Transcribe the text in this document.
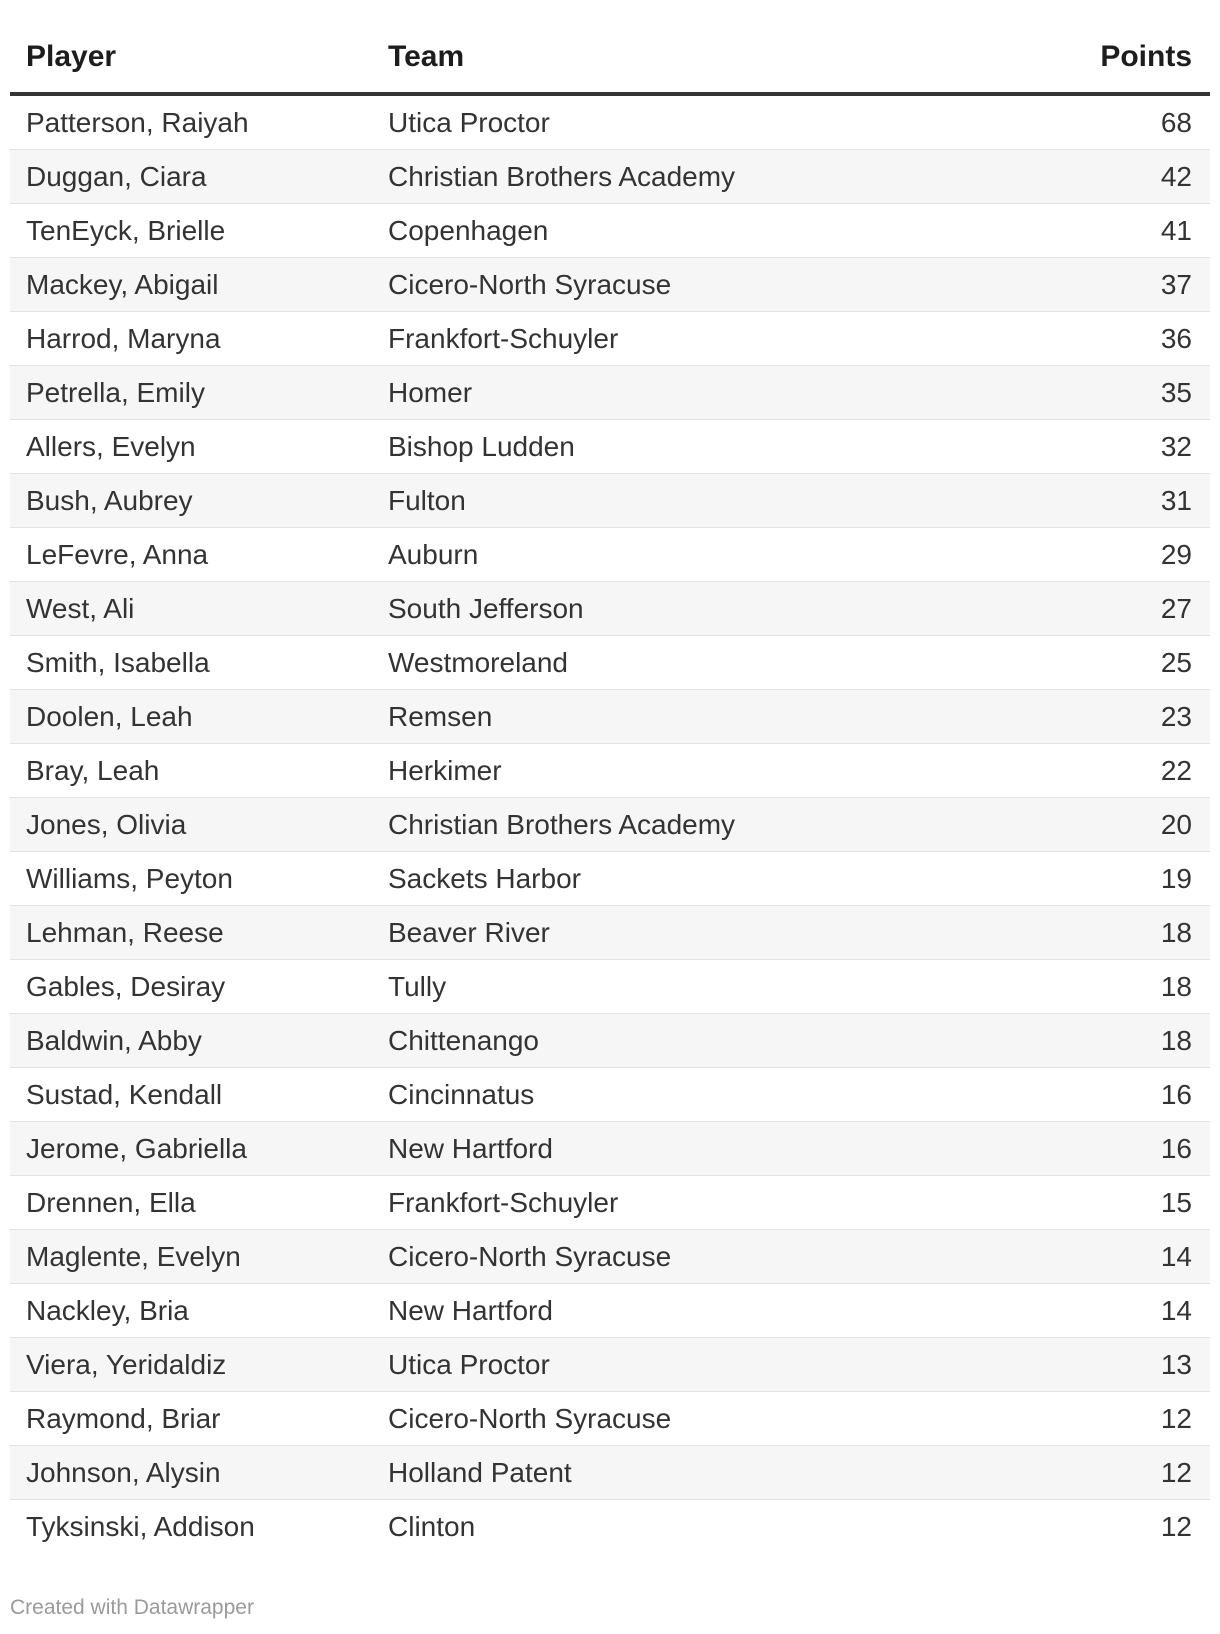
Player	Team	Points
Patterson, Raiyah	Utica Proctor	68
Duggan, Ciara	Christian Brothers Academy	42
TenEyck, Brielle	Copenhagen	41
Mackey, Abigail	Cicero-North Syracuse	37
Harrod, Maryna	Frankfort-Schuyler	36
Petrella, Emily	Homer	35
Allers, Evelyn	Bishop Ludden	32
Bush, Aubrey	Fulton	31
LeFevre, Anna	Auburn	29
West, Ali	South Jefferson	27
Smith, Isabella	Westmoreland	25
Doolen, Leah	Remsen	23
Bray, Leah	Herkimer	22
Jones, Olivia	Christian Brothers Academy	20
Williams, Peyton	Sackets Harbor	19
Lehman, Reese	Beaver River	18
Gables, Desiray	Tully	18
Baldwin, Abby	Chittenango	18
Sustad, Kendall	Cincinnatus	16
Jerome, Gabriella	New Hartford	16
Drennen, Ella	Frankfort-Schuyler	15
Maglente, Evelyn	Cicero-North Syracuse	14
Nackley, Bria	New Hartford	14
Viera, Yeridaldiz	Utica Proctor	13
Raymond, Briar	Cicero-North Syracuse	12
Johnson, Alysin	Holland Patent	12
Tyksinski, Addison	Clinton	12
Created with Datawrapper
